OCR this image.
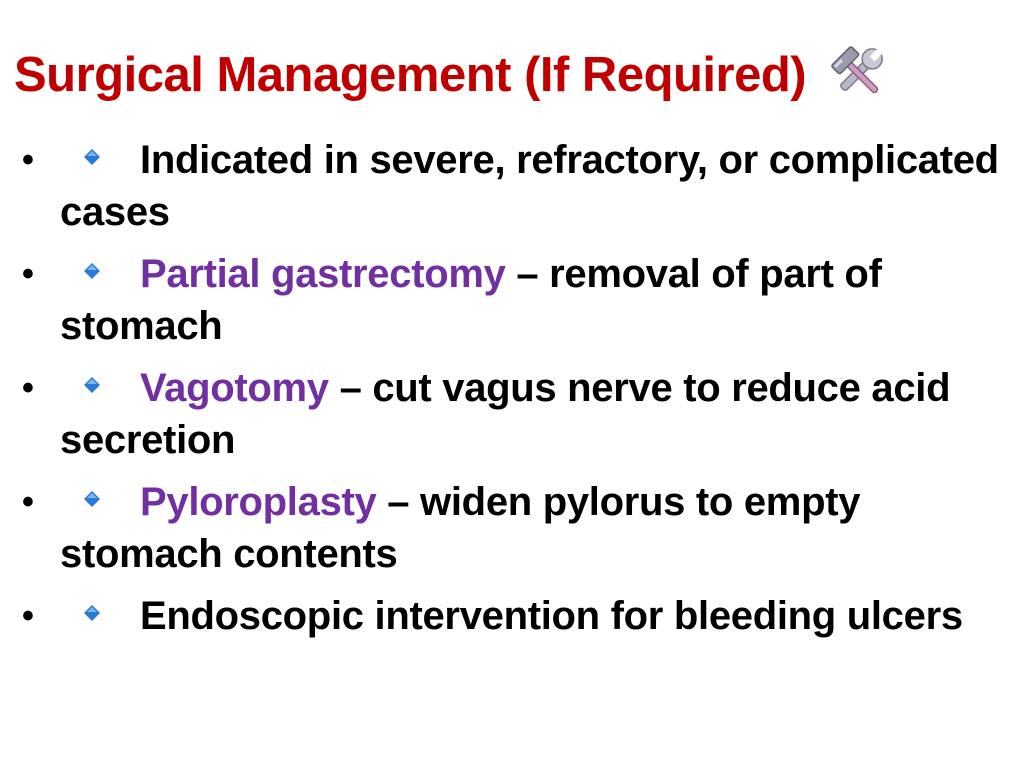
Surgical Management (If Required)
•	Indicated in severe, refractory, or complicated cases
•	Partial gastrectomy – removal of part of stomach
•	Vagotomy – cut vagus nerve to reduce acid secretion
•	Pyloroplasty – widen pylorus to empty stomach contents
•	Endoscopic intervention for bleeding ulcers
